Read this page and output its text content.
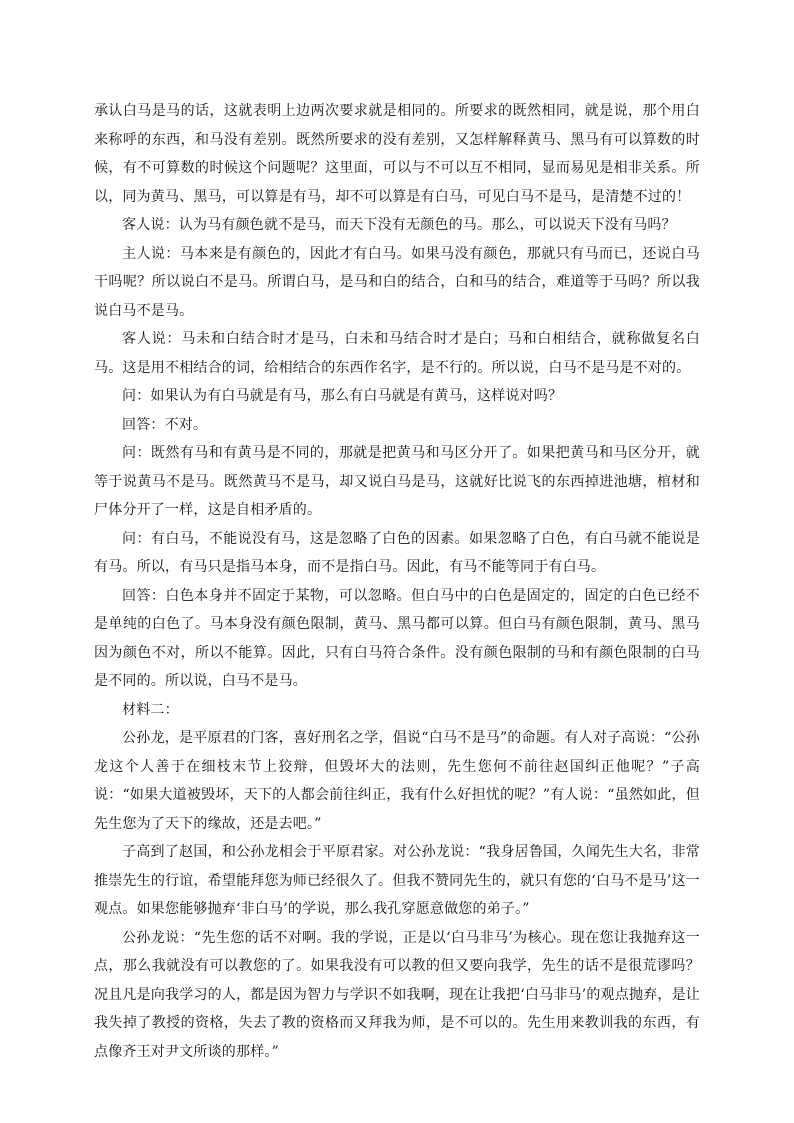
承认白马是马的话，这就表明上边两次要求就是相同的。所要求的既然相同，就是说，那个用白来称呼的东西，和马没有差别。既然所要求的没有差别，又怎样解释黄马、黑马有可以算数的时候，有不可算数的时候这个问题呢？这里面，可以与不可以互不相同，显而易见是相非关系。所以，同为黄马、黑马，可以算是有马，却不可以算是有白马，可见白马不是马，是清楚不过的！

客人说：认为马有颜色就不是马，而天下没有无颜色的马。那么，可以说天下没有马吗？

主人说：马本来是有颜色的，因此才有白马。如果马没有颜色，那就只有马而已，还说白马干吗呢？所以说白不是马。所谓白马，是马和白的结合，白和马的结合，难道等于马吗？所以我说白马不是马。

客人说：马未和白结合时才是马，白未和马结合时才是白；马和白相结合，就称做复名白马。这是用不相结合的词，给相结合的东西作名字，是不行的。所以说，白马不是马是不对的。

问：如果认为有白马就是有马，那么有白马就是有黄马，这样说对吗？

回答：不对。

问：既然有马和有黄马是不同的，那就是把黄马和马区分开了。如果把黄马和马区分开，就等于说黄马不是马。既然黄马不是马，却又说白马是马，这就好比说飞的东西掉进池塘，棺材和尸体分开了一样，这是自相矛盾的。

问：有白马，不能说没有马，这是忽略了白色的因素。如果忽略了白色，有白马就不能说是有马。所以，有马只是指马本身，而不是指白马。因此，有马不能等同于有白马。

回答：白色本身并不固定于某物，可以忽略。但白马中的白色是固定的，固定的白色已经不是单纯的白色了。马本身没有颜色限制，黄马、黑马都可以算。但白马有颜色限制，黄马、黑马因为颜色不对，所以不能算。因此，只有白马符合条件。没有颜色限制的马和有颜色限制的白马是不同的。所以说，白马不是马。

材料二：

公孙龙，是平原君的门客，喜好刑名之学，倡说“白马不是马”的命题。有人对子高说：“公孙龙这个人善于在细枝末节上狡辩，但毁坏大的法则，先生您何不前往赵国纠正他呢？”子高说：“如果大道被毁坏，天下的人都会前往纠正，我有什么好担忧的呢？”有人说：“虽然如此，但先生您为了天下的缘故，还是去吧。”

子高到了赵国，和公孙龙相会于平原君家。对公孙龙说：“我身居鲁国，久闻先生大名，非常推崇先生的行谊，希望能拜您为师已经很久了。但我不赞同先生的，就只有您的‘白马不是马’这一观点。如果您能够抛弃‘非白马’的学说，那么我孔穿愿意做您的弟子。”

公孙龙说：“先生您的话不对啊。我的学说，正是以‘白马非马’为核心。现在您让我抛弃这一点，那么我就没有可以教您的了。如果我没有可以教的但又要向我学，先生的话不是很荒谬吗？况且凡是向我学习的人，都是因为智力与学识不如我啊，现在让我把‘白马非马’的观点抛弃，是让我失掉了教授的资格，失去了教的资格而又拜我为师，是不可以的。先生用来教训我的东西，有点像齐王对尹文所谈的那样。”
